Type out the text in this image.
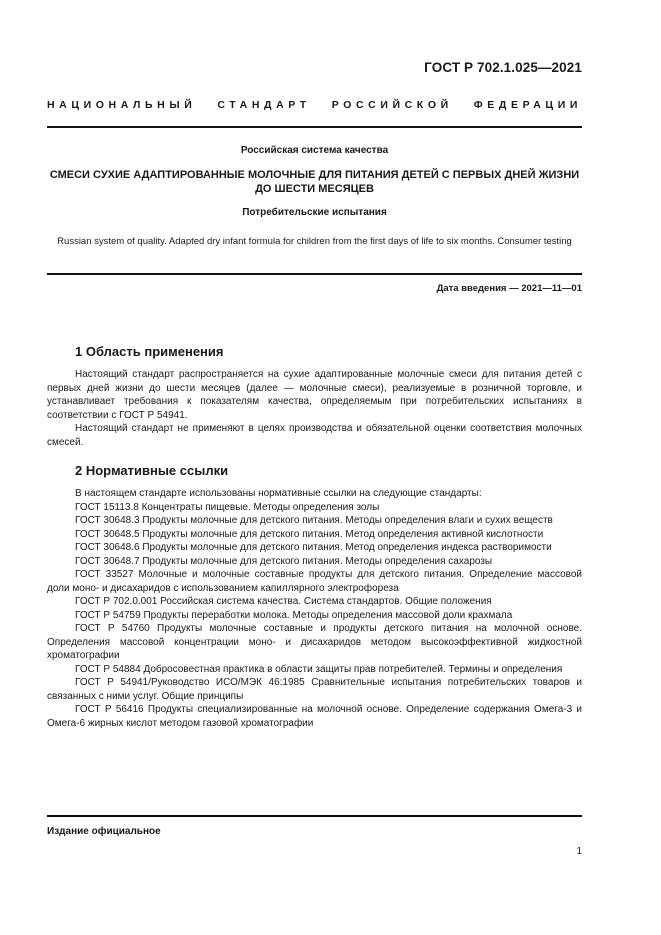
ГОСТ Р 702.1.025—2021
НАЦИОНАЛЬНЫЙ СТАНДАРТ РОССИЙСКОЙ ФЕДЕРАЦИИ
Российская система качества
СМЕСИ СУХИЕ АДАПТИРОВАННЫЕ МОЛОЧНЫЕ ДЛЯ ПИТАНИЯ ДЕТЕЙ С ПЕРВЫХ ДНЕЙ ЖИЗНИ ДО ШЕСТИ МЕСЯЦЕВ
Потребительские испытания
Russian system of quality. Adapted dry infant formula for children from the first days of life to six months. Consumer testing
Дата введения — 2021—11—01
1 Область применения

Настоящий стандарт распространяется на сухие адаптированные молочные смеси для питания детей с первых дней жизни до шести месяцев (далее — молочные смеси), реализуемые в розничной торговле, и устанавливает требования к показателям качества, определяемым при потребительских испытаниях в соответствии с ГОСТ Р 54941.

Настоящий стандарт не применяют в целях производства и обязательной оценки соответствия молочных смесей.

2 Нормативные ссылки

В настоящем стандарте использованы нормативные ссылки на следующие стандарты:

ГОСТ 15113.8 Концентраты пищевые. Методы определения золы

ГОСТ 30648.3 Продукты молочные для детского питания. Методы определения влаги и сухих веществ

ГОСТ 30648.5 Продукты молочные для детского питания. Метод определения активной кислотности

ГОСТ 30648.6 Продукты молочные для детского питания. Метод определения индекса растворимости

ГОСТ 30648.7 Продукты молочные для детского питания. Методы определения сахарозы

ГОСТ 33527 Молочные и молочные составные продукты для детского питания. Определение массовой доли моно- и дисахаридов с использованием капиллярного электрофореза

ГОСТ Р 702.0.001 Российская система качества. Система стандартов. Общие положения

ГОСТ Р 54759 Продукты переработки молока. Методы определения массовой доли крахмала

ГОСТ Р 54760 Продукты молочные составные и продукты детского питания на молочной основе. Определения массовой концентрации моно- и дисахаридов методом высокоэффективной жидкостной хроматографии

ГОСТ Р 54884 Добросовестная практика в области защиты прав потребителей. Термины и определения

ГОСТ Р 54941/Руководство ИСО/МЭК 46:1985 Сравнительные испытания потребительских товаров и связанных с ними услуг. Общие принципы

ГОСТ Р 56416 Продукты специализированные на молочной основе. Определение содержания Омега-3 и Омега-6 жирных кислот методом газовой хроматографии

Издание официальное
1
